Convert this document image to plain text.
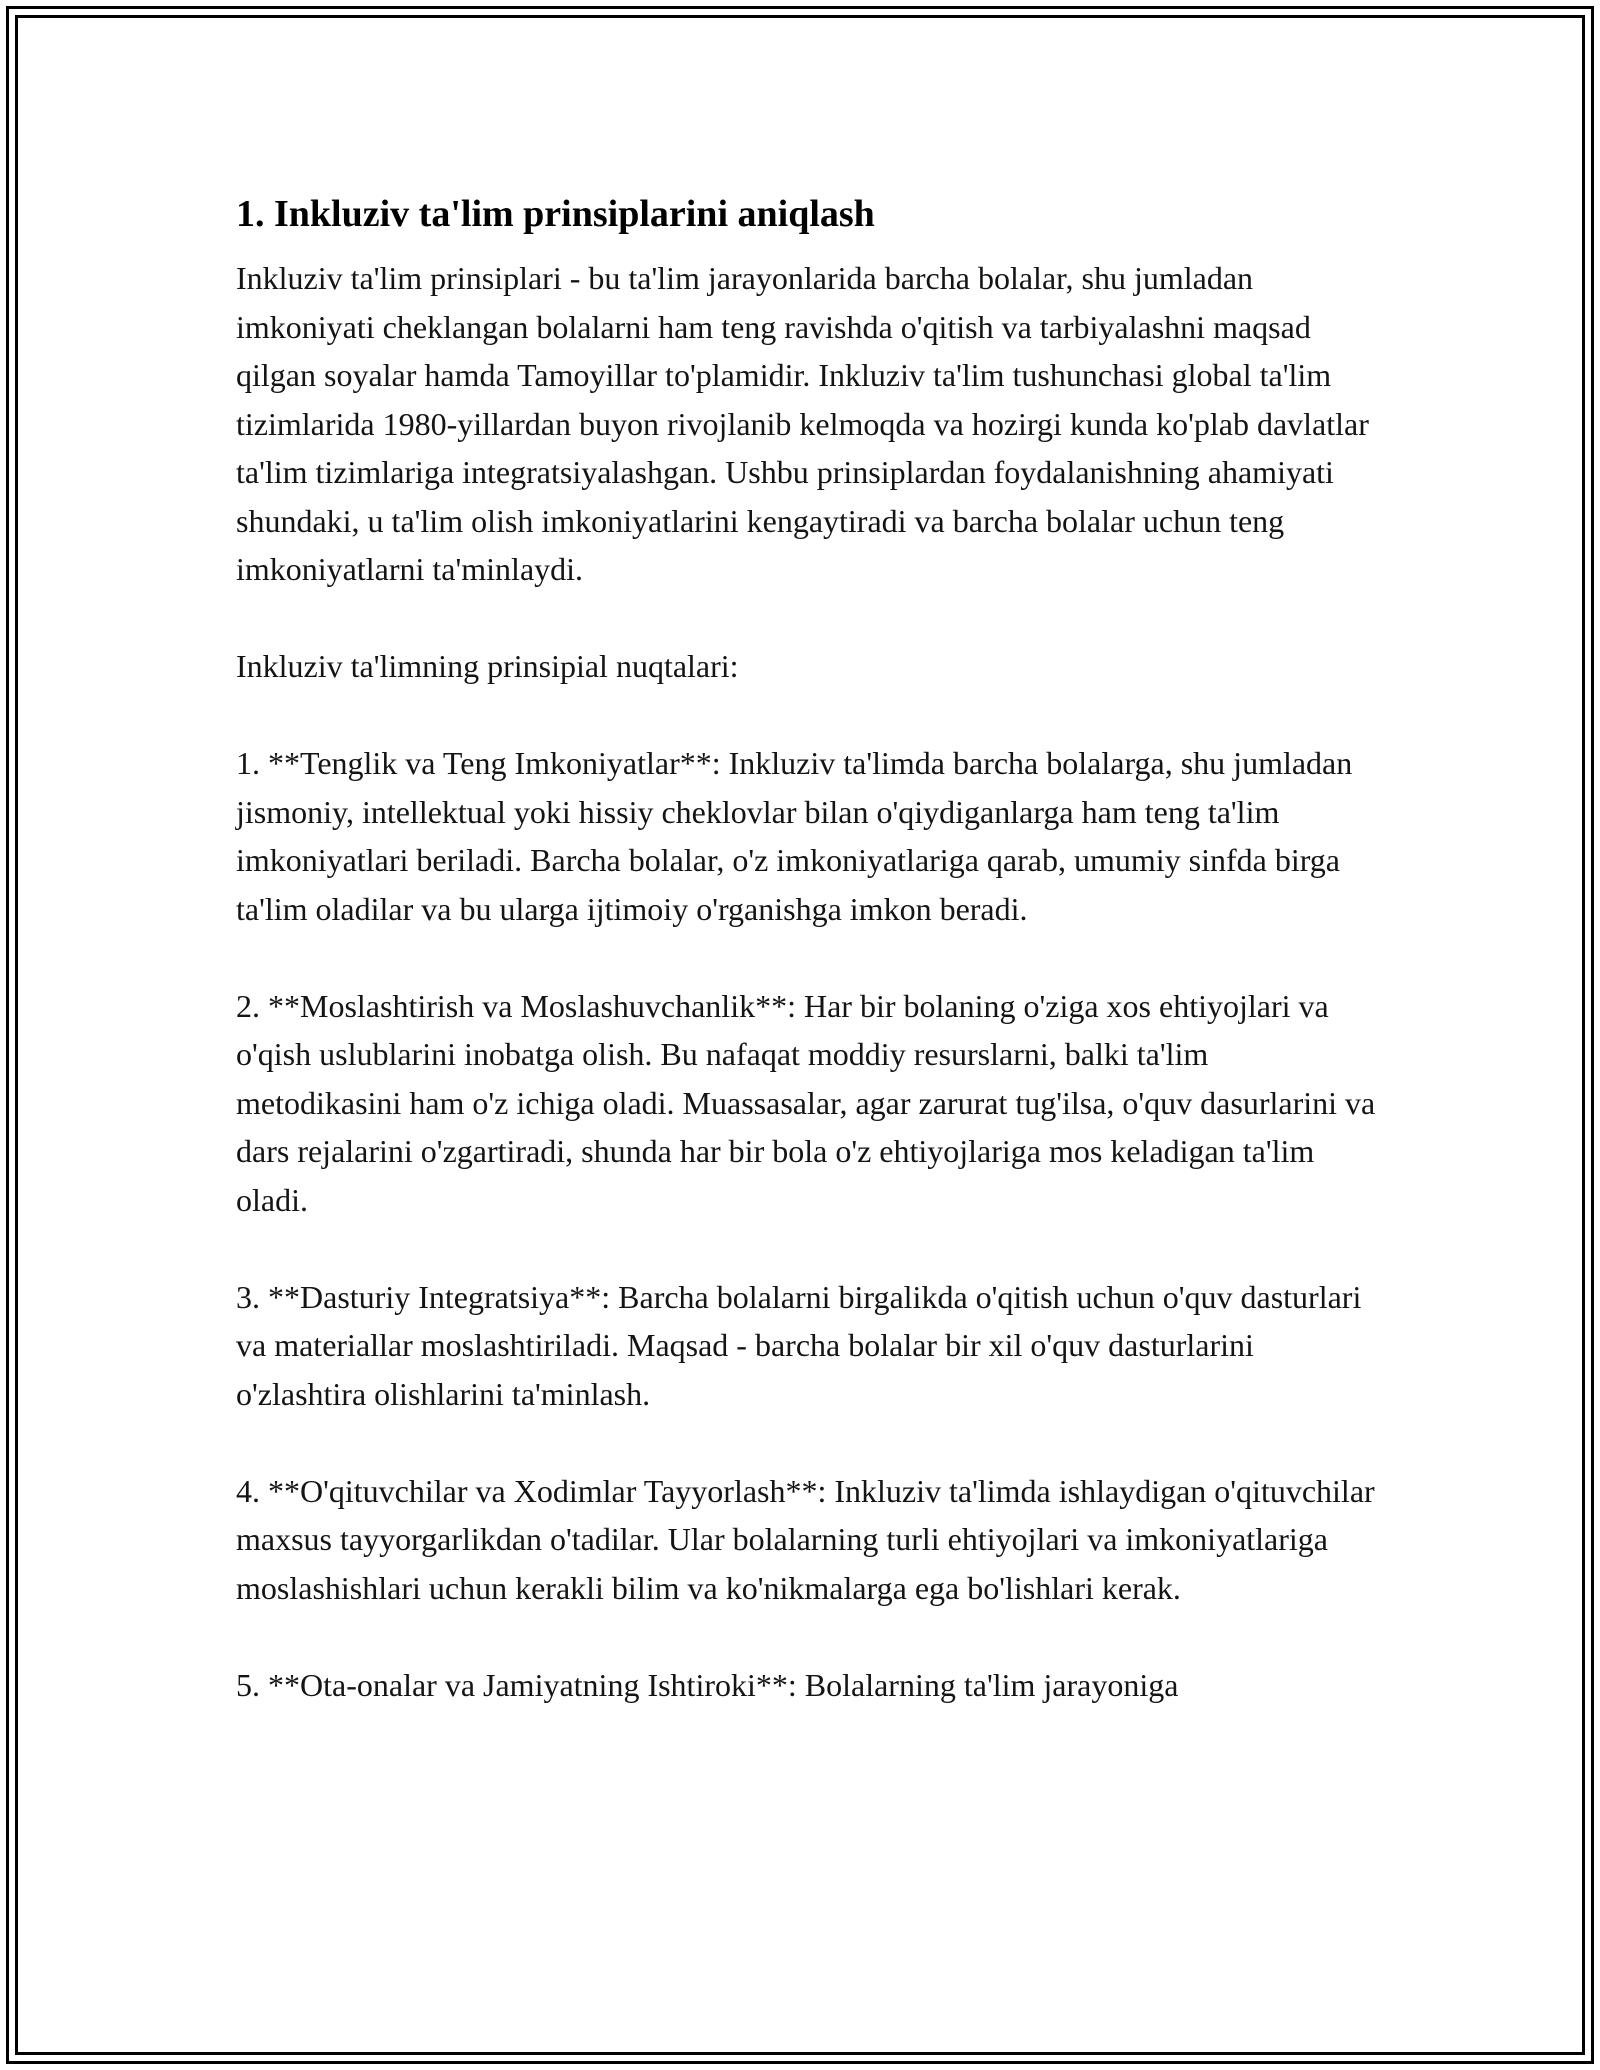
1. Inkluziv ta'lim prinsiplarini aniqlash

Inkluziv ta'lim prinsiplari - bu ta'lim jarayonlarida barcha bolalar, shu jumladan imkoniyati cheklangan bolalarni ham teng ravishda o'qitish va tarbiyalashni maqsad qilgan soyalar hamda Tamoyillar to'plamidir. Inkluziv ta'lim tushunchasi global ta'lim tizimlarida 1980-yillardan buyon rivojlanib kelmoqda va hozirgi kunda ko'plab davlatlar ta'lim tizimlariga integratsiyalashgan. Ushbu prinsiplardan foydalanishning ahamiyati shundaki, u ta'lim olish imkoniyatlarini kengaytiradi va barcha bolalar uchun teng imkoniyatlarni ta'minlaydi.

Inkluziv ta'limning prinsipial nuqtalari:

1. **Tenglik va Teng Imkoniyatlar**: Inkluziv ta'limda barcha bolalarga, shu jumladan jismoniy, intellektual yoki hissiy cheklovlar bilan o'qiydiganlarga ham teng ta'lim imkoniyatlari beriladi. Barcha bolalar, o'z imkoniyatlariga qarab, umumiy sinfda birga ta'lim oladilar va bu ularga ijtimoiy o'rganishga imkon beradi.

2. **Moslashtirish va Moslashuvchanlik**: Har bir bolaning o'ziga xos ehtiyojlari va o'qish uslublarini inobatga olish. Bu nafaqat moddiy resurslarni, balki ta'lim metodikasini ham o'z ichiga oladi. Muassasalar, agar zarurat tug'ilsa, o'quv dasurlarini va dars rejalarini o'zgartiradi, shunda har bir bola o'z ehtiyojlariga mos keladigan ta'lim oladi.

3. **Dasturiy Integratsiya**: Barcha bolalarni birgalikda o'qitish uchun o'quv dasturlari va materiallar moslashtiriladi. Maqsad - barcha bolalar bir xil o'quv dasturlarini o'zlashtira olishlarini ta'minlash.

4. **O'qituvchilar va Xodimlar Tayyorlash**: Inkluziv ta'limda ishlaydigan o'qituvchilar maxsus tayyorgarlikdan o'tadilar. Ular bolalarning turli ehtiyojlari va imkoniyatlariga moslashishlari uchun kerakli bilim va ko'nikmalarga ega bo'lishlari kerak.

5. **Ota-onalar va Jamiyatning Ishtiroki**: Bolalarning ta'lim jarayoniga
